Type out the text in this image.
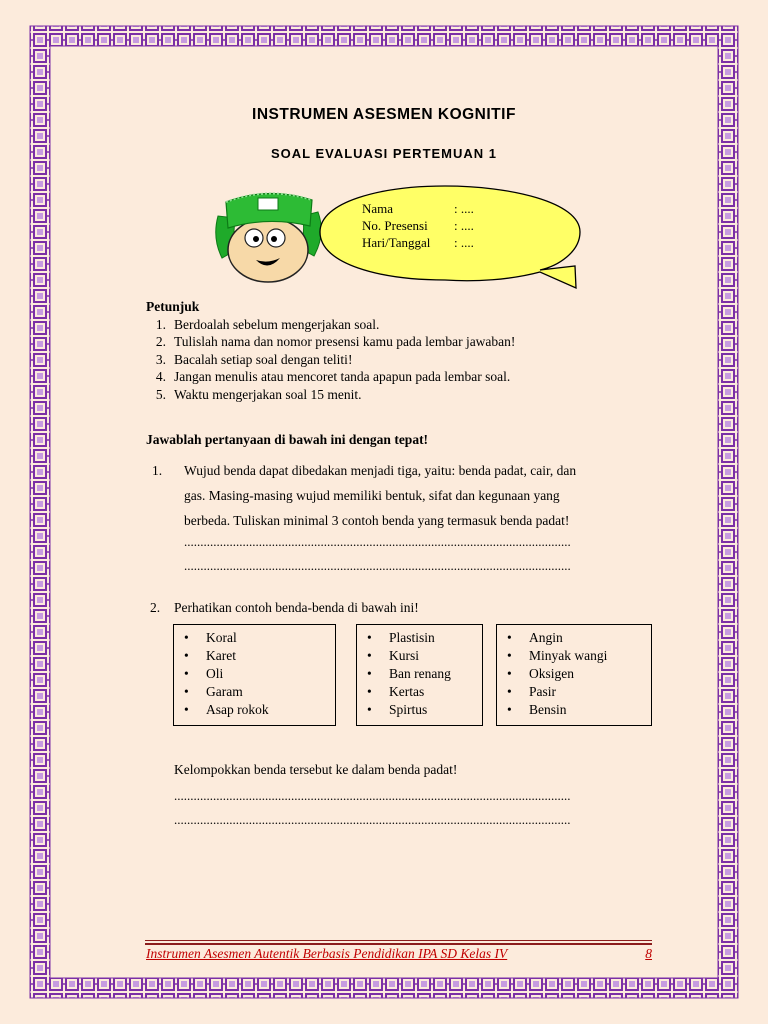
INSTRUMEN ASESMEN KOGNITIF
SOAL EVALUASI PERTEMUAN 1
Nama	: ....
No. Presensi	: ....
Hari/Tanggal	: ....
Petunjuk
1. Berdoalah sebelum mengerjakan soal.
2. Tulislah nama dan nomor presensi kamu pada lembar jawaban!
3. Bacalah setiap soal dengan teliti!
4. Jangan menulis atau mencoret tanda apapun pada lembar soal.
5. Waktu mengerjakan soal 15 menit.
Jawablah pertanyaan di bawah ini dengan tepat!
1. Wujud benda dapat dibedakan menjadi tiga, yaitu: benda padat, cair, dan
gas. Masing-masing wujud memiliki bentuk, sifat dan kegunaan yang
berbeda. Tuliskan minimal 3 contoh benda yang termasuk benda padat!
.......................................................................................................................
.......................................................................................................................
2. Perhatikan contoh benda-benda di bawah ini!
•	Koral
•	Karet
•	Oli
•	Garam
•	Asap rokok
•	Plastisin
•	Kursi
•	Ban renang
•	Kertas
•	Spirtus
•	Angin
•	Minyak wangi
•	Oksigen
•	Pasir
•	Bensin
Kelompokkan benda tersebut ke dalam benda padat!
..........................................................................................................................
..........................................................................................................................
Instrumen Asesmen Autentik Berbasis Pendidikan IPA SD Kelas IV	8
